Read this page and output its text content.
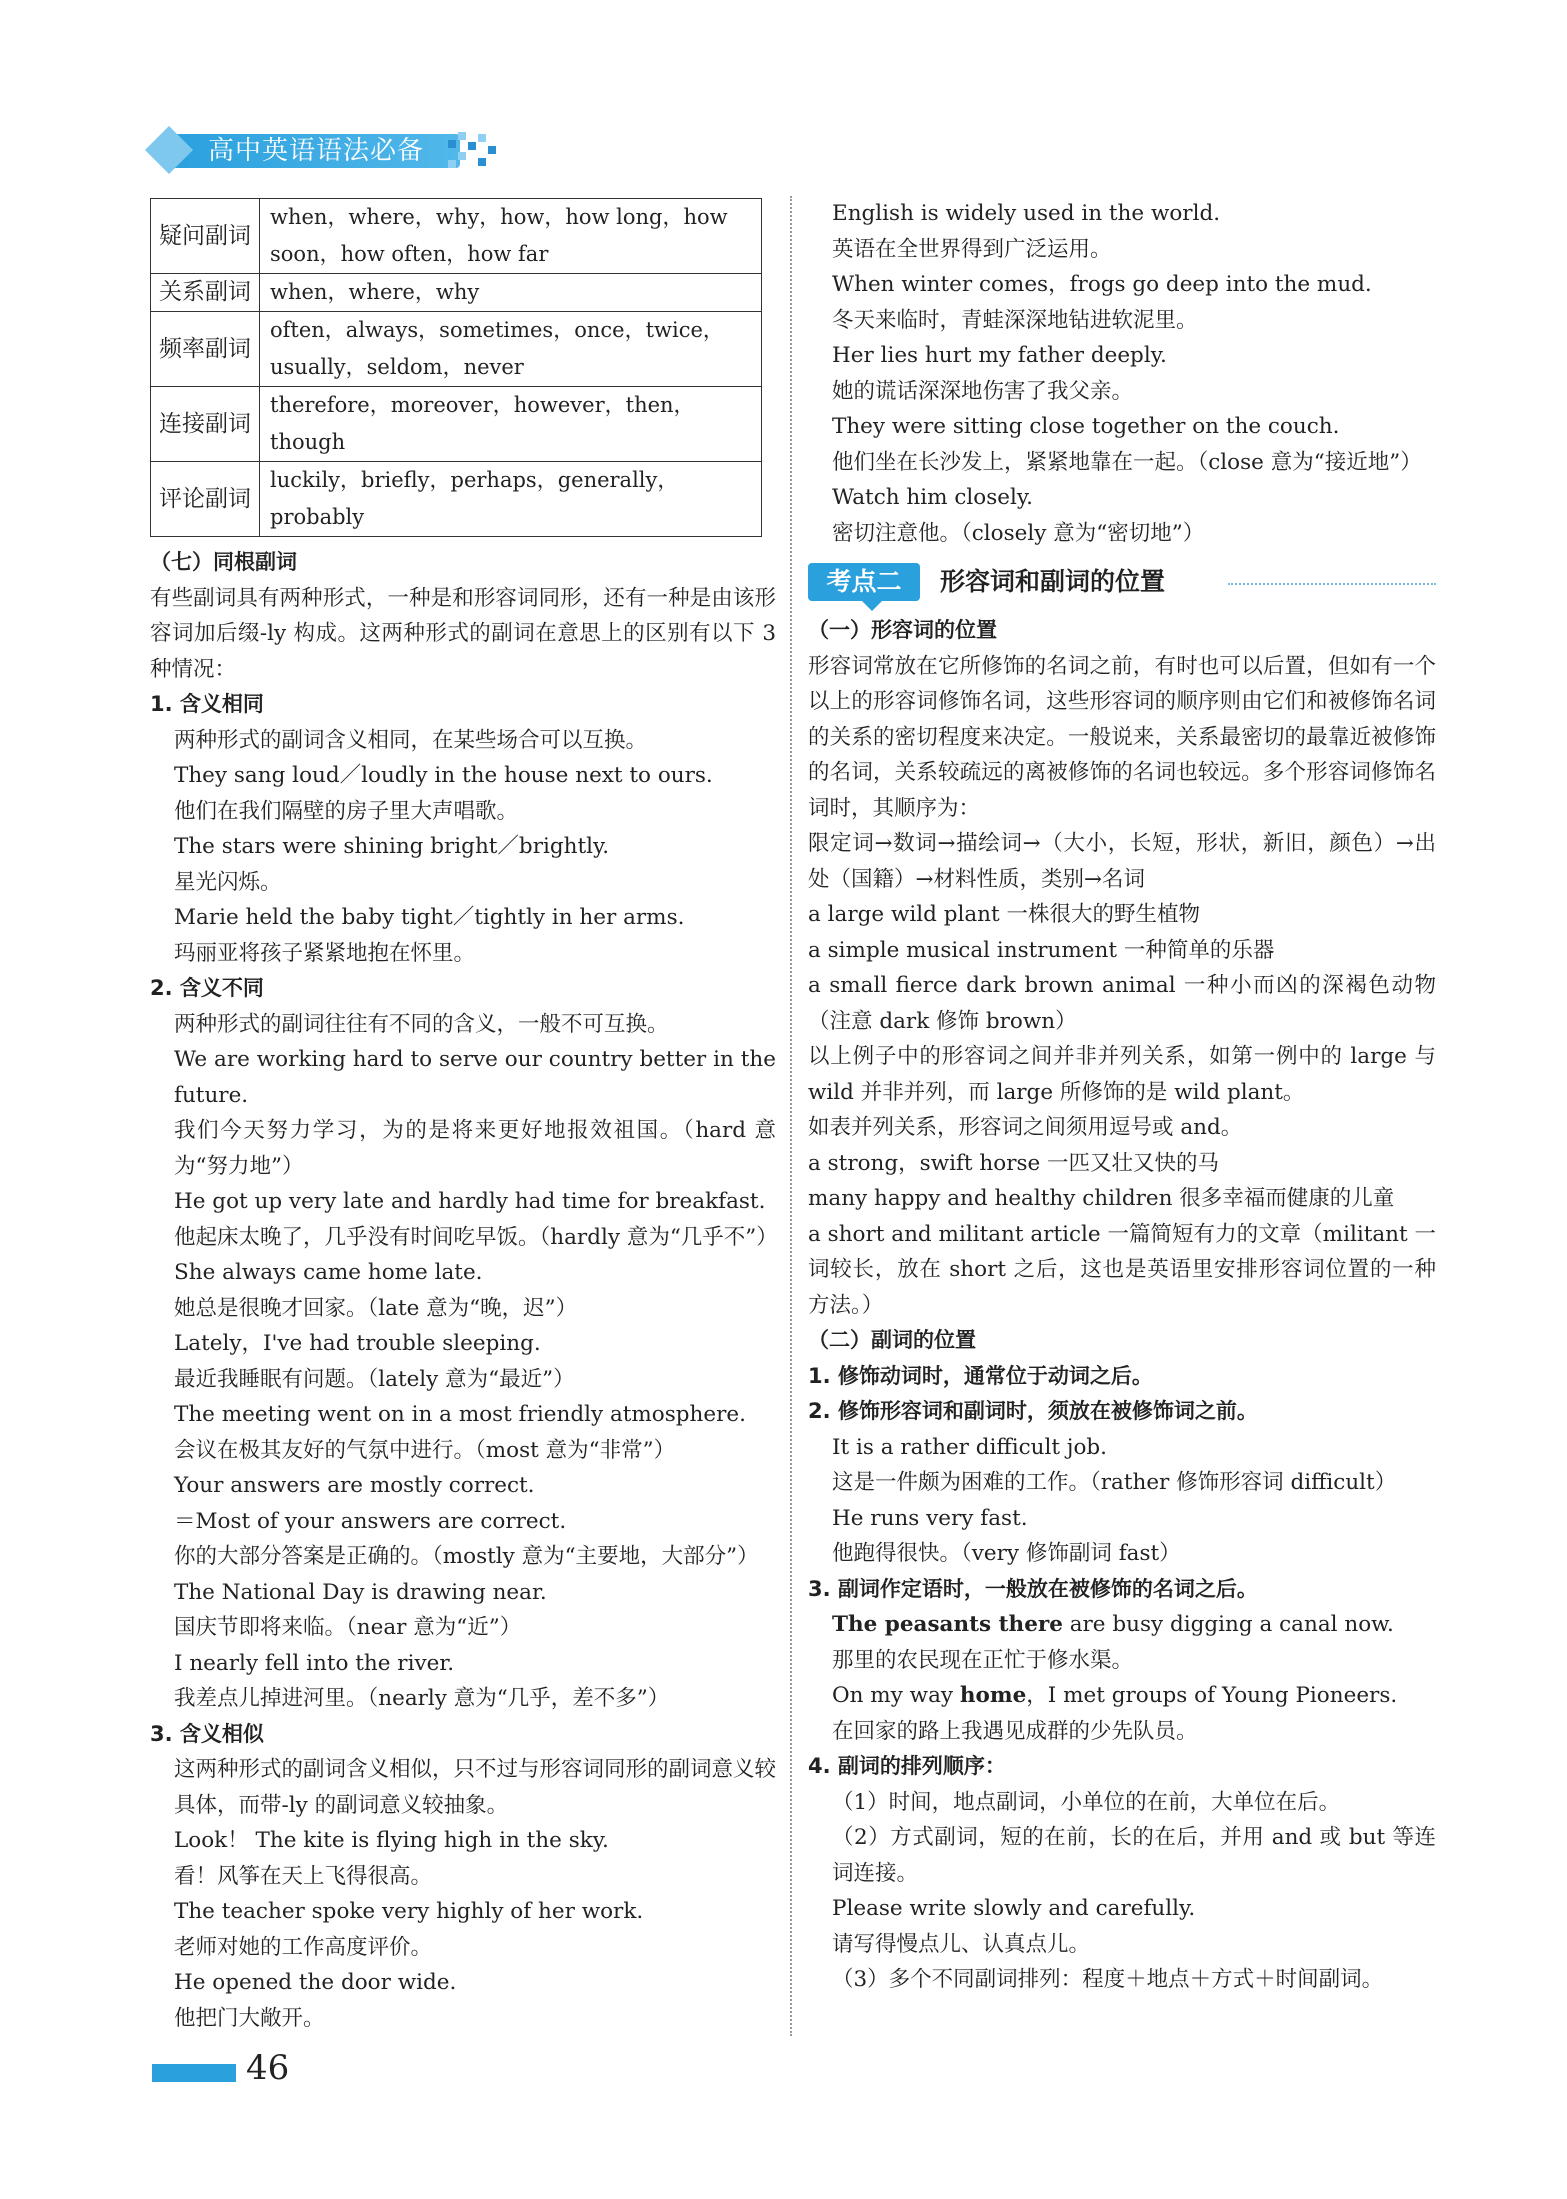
高中英语语法必备
疑问副词	when，where，why，how，how long，how soon，how often，how far
关系副词	when，where，why
频率副词	often，always，sometimes，once，twice，usually，seldom，never
连接副词	therefore，moreover，however，then，though
评论副词	luckily，briefly，perhaps，generally，probably
（七）同根副词
有些副词具有两种形式，一种是和形容词同形，还有一种是由该形容词加后缀-ly 构成。这两种形式的副词在意思上的区别有以下 3 种情况：
1. 含义相同
两种形式的副词含义相同，在某些场合可以互换。
They sang loud／loudly in the house next to ours.
他们在我们隔壁的房子里大声唱歌。
The stars were shining bright／brightly.
星光闪烁。
Marie held the baby tight／tightly in her arms.
玛丽亚将孩子紧紧地抱在怀里。
2. 含义不同
两种形式的副词往往有不同的含义，一般不可互换。
We are working hard to serve our country better in the future.
我们今天努力学习，为的是将来更好地报效祖国。（hard 意为“努力地”）
He got up very late and hardly had time for breakfast.
他起床太晚了，几乎没有时间吃早饭。（hardly 意为“几乎不”）
She always came home late.
她总是很晚才回家。（late 意为“晚，迟”）
Lately，I've had trouble sleeping.
最近我睡眠有问题。（lately 意为“最近”）
The meeting went on in a most friendly atmosphere.
会议在极其友好的气氛中进行。（most 意为“非常”）
Your answers are mostly correct.
＝Most of your answers are correct.
你的大部分答案是正确的。（mostly 意为“主要地，大部分”）
The National Day is drawing near.
国庆节即将来临。（near 意为“近”）
I nearly fell into the river.
我差点儿掉进河里。（nearly 意为“几乎，差不多”）
3. 含义相似
这两种形式的副词含义相似，只不过与形容词同形的副词意义较具体，而带-ly 的副词意义较抽象。
Look！ The kite is flying high in the sky.
看！风筝在天上飞得很高。
The teacher spoke very highly of her work.
老师对她的工作高度评价。
He opened the door wide.
他把门大敞开。
English is widely used in the world.
英语在全世界得到广泛运用。
When winter comes，frogs go deep into the mud.
冬天来临时，青蛙深深地钻进软泥里。
Her lies hurt my father deeply.
她的谎话深深地伤害了我父亲。
They were sitting close together on the couch.
他们坐在长沙发上，紧紧地靠在一起。（close 意为“接近地”）
Watch him closely.
密切注意他。（closely 意为“密切地”）
考点二	形容词和副词的位置
（一）形容词的位置
形容词常放在它所修饰的名词之前，有时也可以后置，但如有一个以上的形容词修饰名词，这些形容词的顺序则由它们和被修饰名词的关系的密切程度来决定。一般说来，关系最密切的最靠近被修饰的名词，关系较疏远的离被修饰的名词也较远。多个形容词修饰名词时，其顺序为：
限定词→数词→描绘词→（大小，长短，形状，新旧，颜色）→出处（国籍）→材料性质，类别→名词
a large wild plant 一株很大的野生植物
a simple musical instrument 一种简单的乐器
a small fierce dark brown animal 一种小而凶的深褐色动物（注意 dark 修饰 brown）
以上例子中的形容词之间并非并列关系，如第一例中的 large 与 wild 并非并列，而 large 所修饰的是 wild plant。
如表并列关系，形容词之间须用逗号或 and。
a strong，swift horse 一匹又壮又快的马
many happy and healthy children 很多幸福而健康的儿童
a short and militant article 一篇简短有力的文章（militant 一词较长，放在 short 之后，这也是英语里安排形容词位置的一种方法。）
（二）副词的位置
1. 修饰动词时，通常位于动词之后。
2. 修饰形容词和副词时，须放在被修饰词之前。
It is a rather difficult job.
这是一件颇为困难的工作。（rather 修饰形容词 difficult）
He runs very fast.
他跑得很快。（very 修饰副词 fast）
3. 副词作定语时，一般放在被修饰的名词之后。
The peasants there are busy digging a canal now.
那里的农民现在正忙于修水渠。
On my way home，I met groups of Young Pioneers.
在回家的路上我遇见成群的少先队员。
4. 副词的排列顺序：
（1）时间，地点副词，小单位的在前，大单位在后。
（2）方式副词，短的在前，长的在后，并用 and 或 but 等连词连接。
Please write slowly and carefully.
请写得慢点儿、认真点儿。
（3）多个不同副词排列：程度＋地点＋方式＋时间副词。
46
